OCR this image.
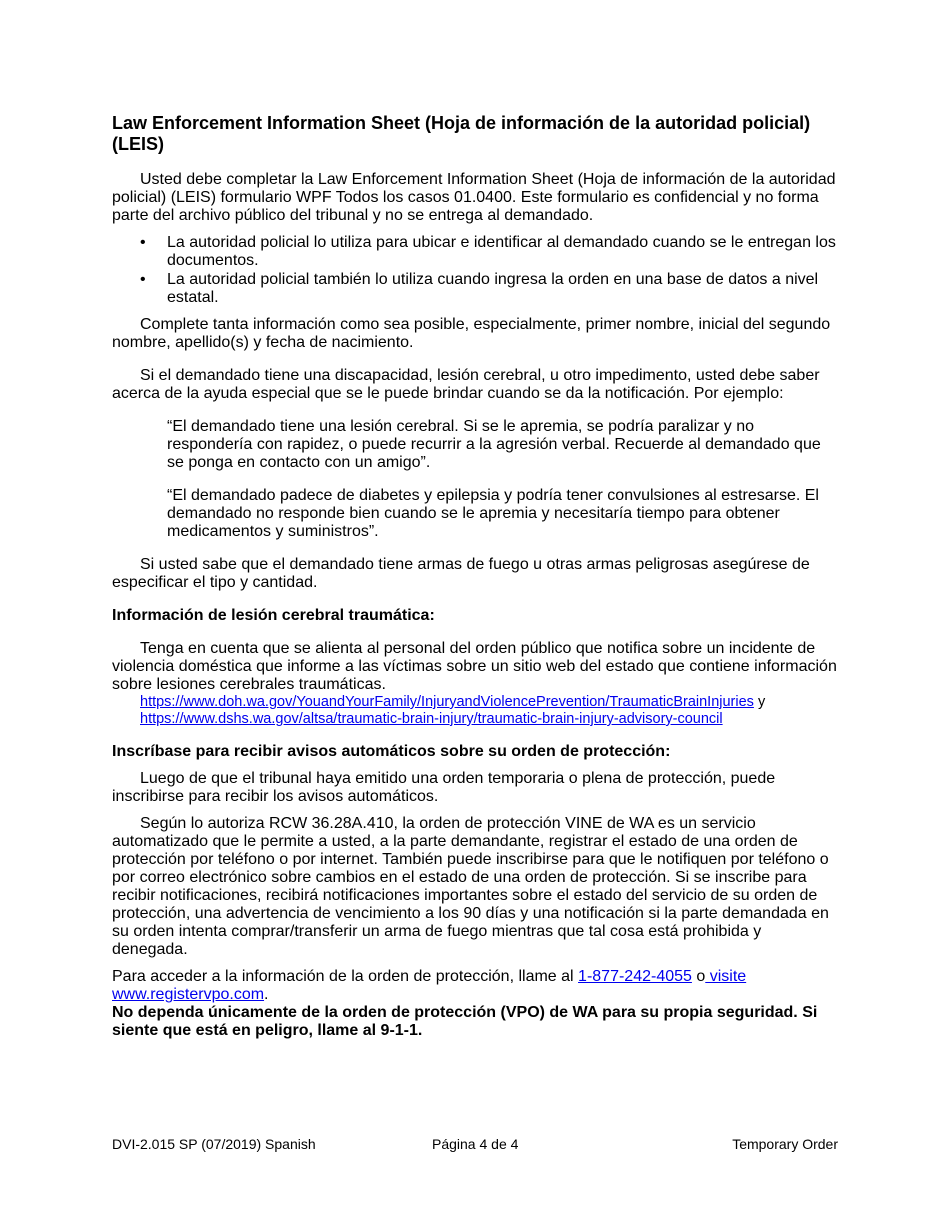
Law Enforcement Information Sheet (Hoja de información de la autoridad policial)(LEIS)

Usted debe completar la Law Enforcement Information Sheet (Hoja de información de la autoridad policial) (LEIS) formulario WPF Todos los casos 01.0400. Este formulario es confidencial y no forma parte del archivo público del tribunal y no se entrega al demandado.

• La autoridad policial lo utiliza para ubicar e identificar al demandado cuando se le entregan los documentos.
• La autoridad policial también lo utiliza cuando ingresa la orden en una base de datos a nivel estatal.

Complete tanta información como sea posible, especialmente, primer nombre, inicial del segundo nombre, apellido(s) y fecha de nacimiento.

Si el demandado tiene una discapacidad, lesión cerebral, u otro impedimento, usted debe saber acerca de la ayuda especial que se le puede brindar cuando se da la notificación. Por ejemplo:

“El demandado tiene una lesión cerebral. Si se le apremia, se podría paralizar y no respondería con rapidez, o puede recurrir a la agresión verbal. Recuerde al demandado que se ponga en contacto con un amigo”.

“El demandado padece de diabetes y epilepsia y podría tener convulsiones al estresarse. El demandado no responde bien cuando se le apremia y necesitaría tiempo para obtener medicamentos y suministros”.

Si usted sabe que el demandado tiene armas de fuego u otras armas peligrosas asegúrese de especificar el tipo y cantidad.

Información de lesión cerebral traumática:

Tenga en cuenta que se alienta al personal del orden público que notifica sobre un incidente de violencia doméstica que informe a las víctimas sobre un sitio web del estado que contiene información sobre lesiones cerebrales traumáticas.

https://www.doh.wa.gov/YouandYourFamily/InjuryandViolencePrevention/TraumaticBrainInjuries y
https://www.dshs.wa.gov/altsa/traumatic-brain-injury/traumatic-brain-injury-advisory-council

Inscríbase para recibir avisos automáticos sobre su orden de protección:

Luego de que el tribunal haya emitido una orden temporaria o plena de protección, puede inscribirse para recibir los avisos automáticos.

Según lo autoriza RCW 36.28A.410, la orden de protección VINE de WA es un servicio automatizado que le permite a usted, a la parte demandante, registrar el estado de una orden de protección por teléfono o por internet. También puede inscribirse para que le notifiquen por teléfono o por correo electrónico sobre cambios en el estado de una orden de protección. Si se inscribe para recibir notificaciones, recibirá notificaciones importantes sobre el estado del servicio de su orden de protección, una advertencia de vencimiento a los 90 días y una notificación si la parte demandada en su orden intenta comprar/transferir un arma de fuego mientras que tal cosa está prohibida y denegada.

Para acceder a la información de la orden de protección, llame al 1-877-242-4055 o visite www.registervpo.com.

No dependa únicamente de la orden de protección (VPO) de WA para su propia seguridad. Si siente que está en peligro, llame al 9-1-1.

DVI-2.015 SP (07/2019) Spanish	Página 4 de 4	Temporary Order
